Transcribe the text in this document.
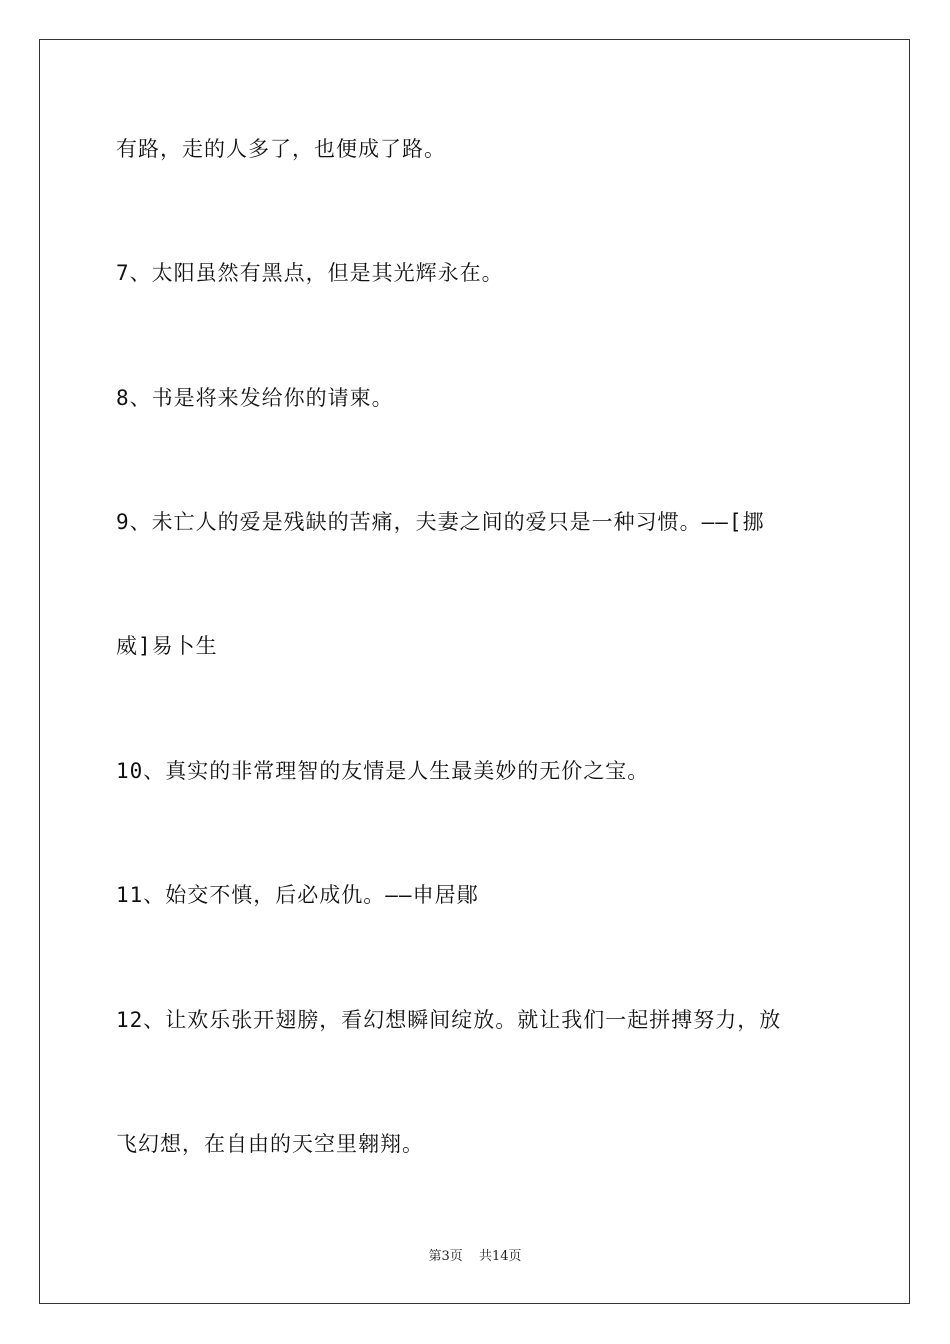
有路，走的人多了，也便成了路。
7、太阳虽然有黑点，但是其光辉永在。
8、书是将来发给你的请柬。
9、未亡人的爱是残缺的苦痛，夫妻之间的爱只是一种习惯。——[挪
威]易卜生
10、真实的非常理智的友情是人生最美妙的无价之宝。
11、始交不慎，后必成仇。——申居鄖
12、让欢乐张开翅膀，看幻想瞬间绽放。就让我们一起拼搏努力，放
飞幻想，在自由的天空里翱翔。
第3页 共14页
